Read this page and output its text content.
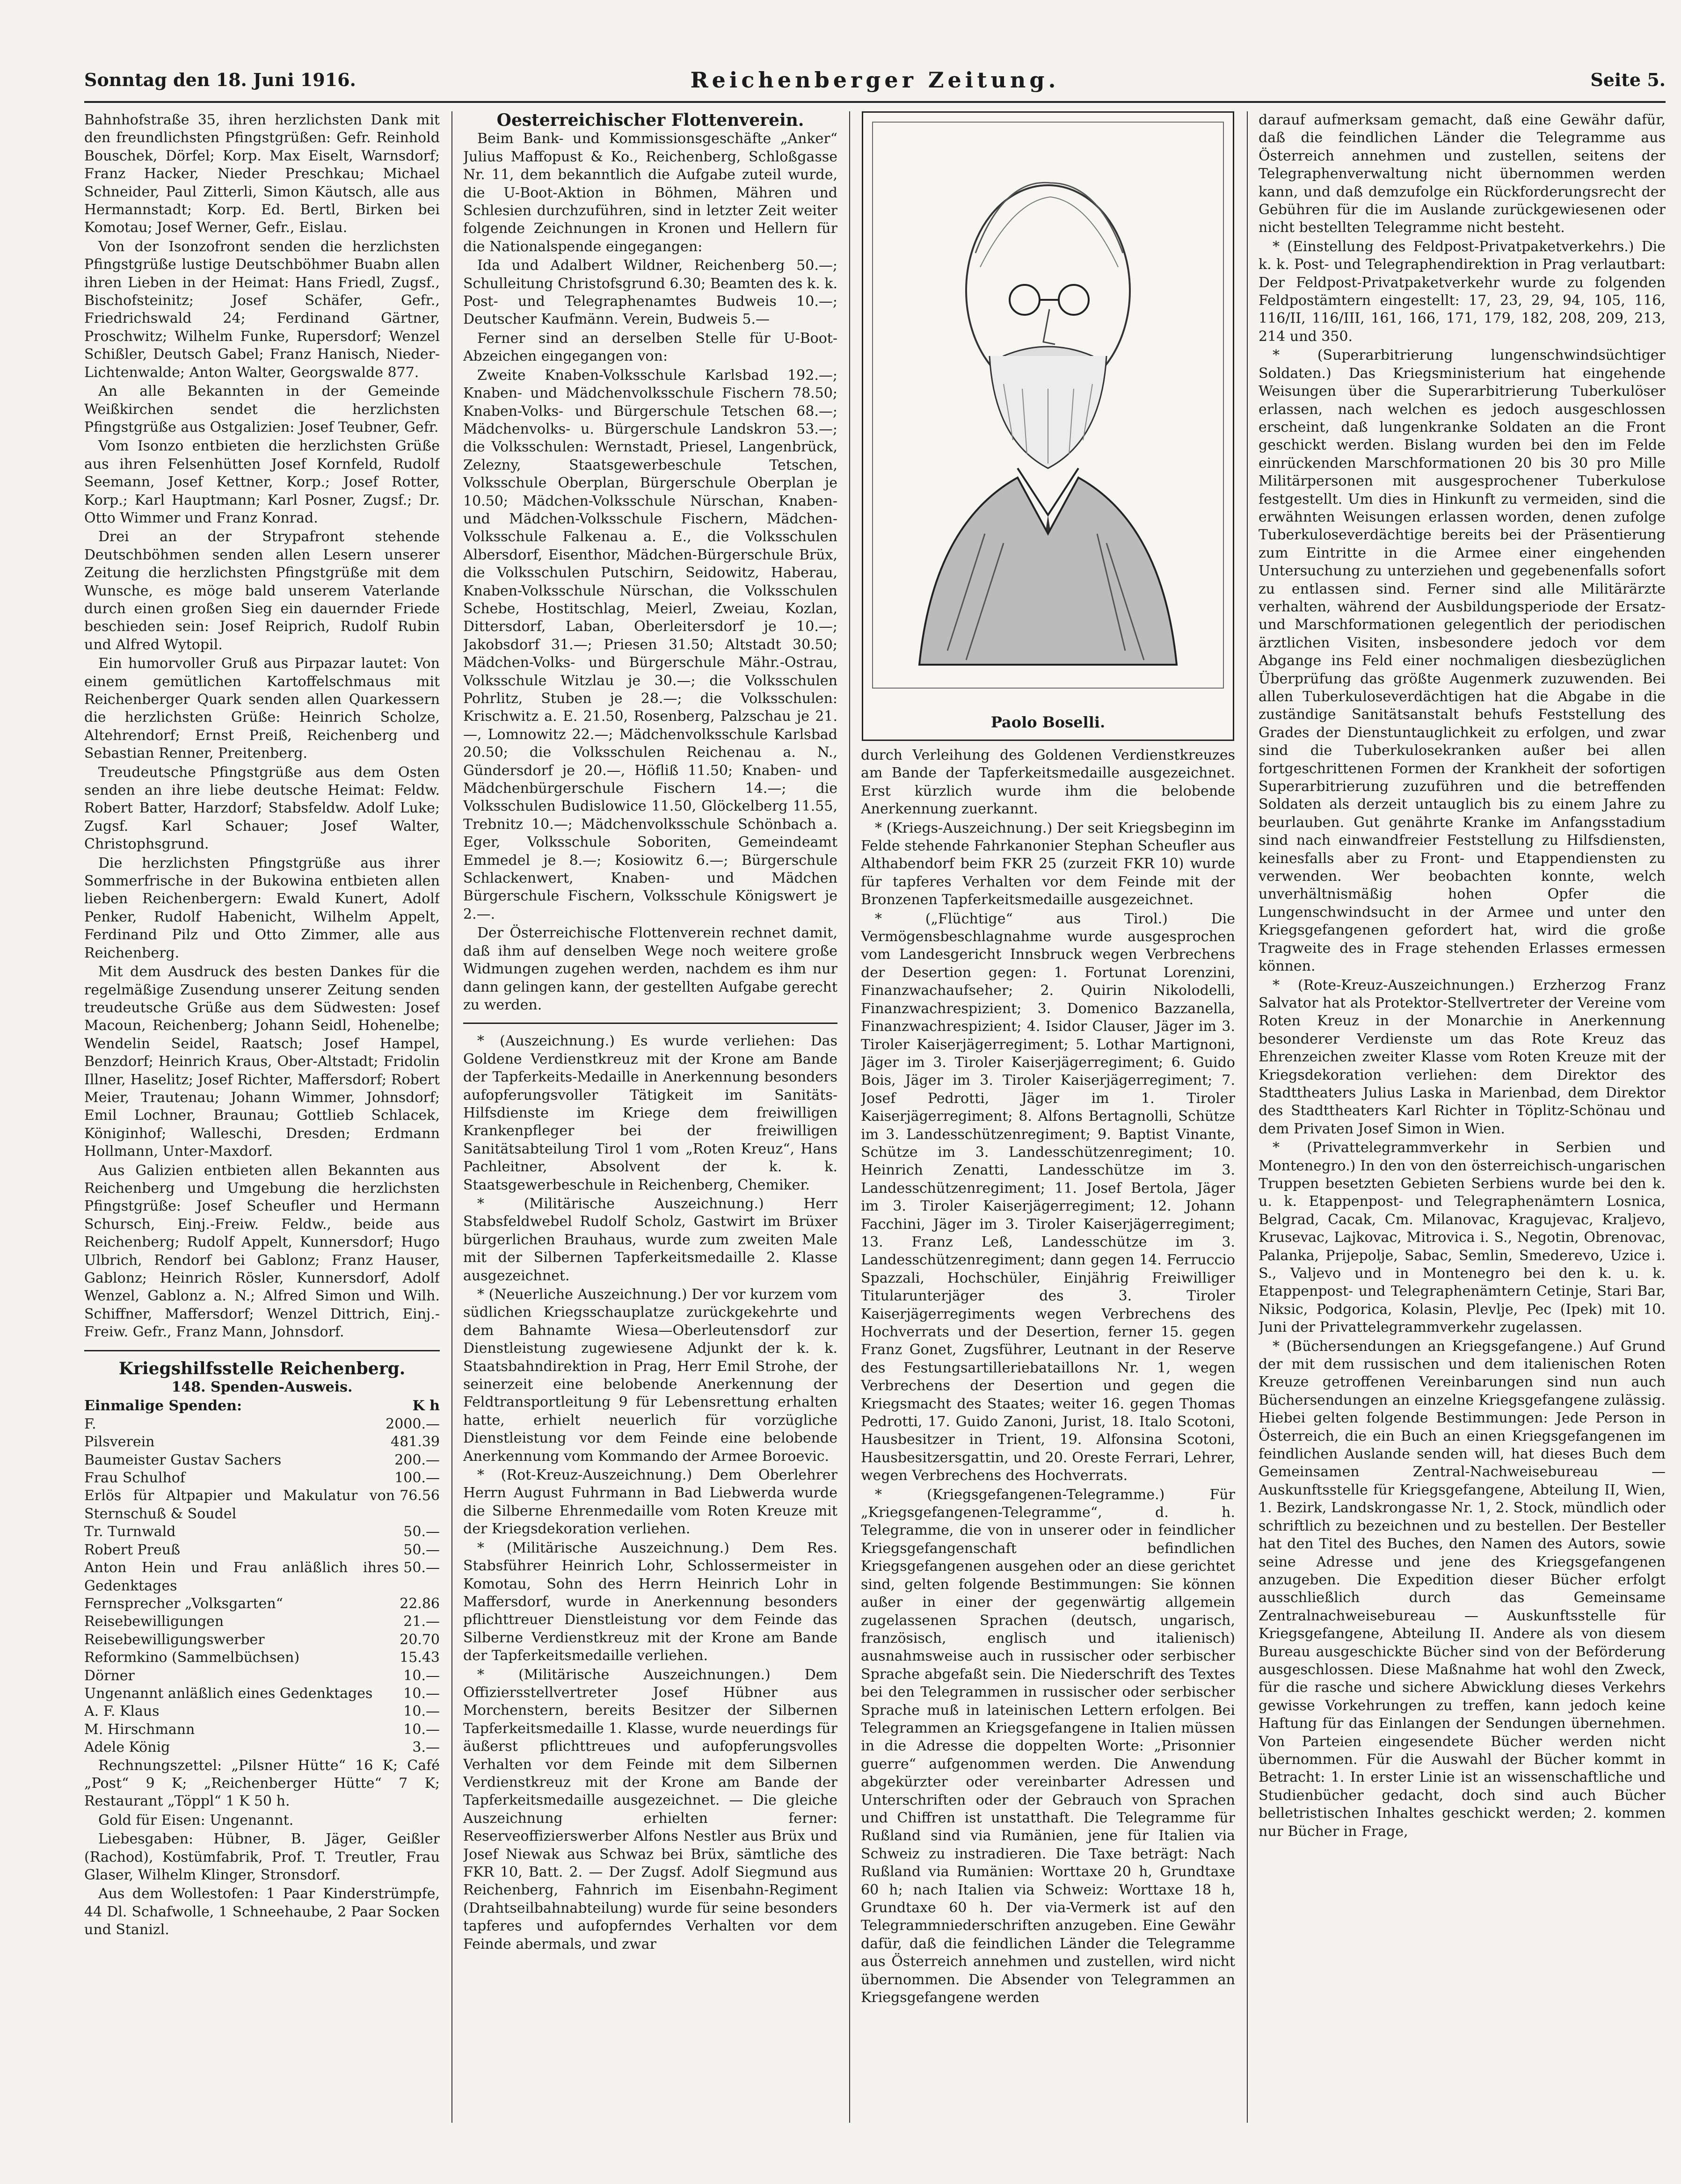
Sonntag den 18. Juni 1916.	Reichenberger Zeitung.	Seite 5.

Bahnhofstraße 35, ihren herzlichsten Dank mit den freundlichsten Pfingstgrüßen: Gefr. Reinhold Bouschek, Dörfel; Korp. Max Eiselt, Warnsdorf; Franz Hacker, Nieder Preschkau; Michael Schneider, Paul Zitterli, Simon Käutsch, alle aus Hermannstadt; Korp. Ed. Bertl, Birken bei Komotau; Josef Werner, Gefr., Eislau.

Von der Isonzofront senden die herzlichsten Pfingstgrüße lustige Deutschböhmer Buabn allen ihren Lieben in der Heimat: Hans Friedl, Zugsf., Bischofsteinitz; Josef Schäfer, Gefr., Friedrichswald 24; Ferdinand Gärtner, Proschwitz; Wilhelm Funke, Rupersdorf; Wenzel Schißler, Deutsch Gabel; Franz Hanisch, Nieder-Lichtenwalde; Anton Walter, Georgswalde 877.

An alle Bekannten in der Gemeinde Weißkirchen sendet die herzlichsten Pfingstgrüße aus Ostgalizien: Josef Teubner, Gefr.

Vom Isonzo entbieten die herzlichsten Grüße aus ihren Felsenhütten Josef Kornfeld, Rudolf Seemann, Josef Kettner, Korp.; Josef Rotter, Korp.; Karl Hauptmann; Karl Posner, Zugsf.; Dr. Otto Wimmer und Franz Konrad.

Drei an der Strypafront stehende Deutschböhmen senden allen Lesern unserer Zeitung die herzlichsten Pfingstgrüße mit dem Wunsche, es möge bald unserem Vaterlande durch einen großen Sieg ein dauernder Friede beschieden sein: Josef Reiprich, Rudolf Rubin und Alfred Wytopil.

Ein humorvoller Gruß aus Pirpazar lautet: Von einem gemütlichen Kartoffelschmaus mit Reichenberger Quark senden allen Quarkessern die herzlichsten Grüße: Heinrich Scholze, Altehrendorf; Ernst Preiß, Reichenberg und Sebastian Renner, Preitenberg.

Treudeutsche Pfingstgrüße aus dem Osten senden an ihre liebe deutsche Heimat: Feldw. Robert Batter, Harzdorf; Stabsfeldw. Adolf Luke; Zugsf. Karl Schauer; Josef Walter, Christophsgrund.

Die herzlichsten Pfingstgrüße aus ihrer Sommerfrische in der Bukowina entbieten allen lieben Reichenbergern: Ewald Kunert, Adolf Penker, Rudolf Habenicht, Wilhelm Appelt, Ferdinand Pilz und Otto Zimmer, alle aus Reichenberg.

Mit dem Ausdruck des besten Dankes für die regelmäßige Zusendung unserer Zeitung senden treudeutsche Grüße aus dem Südwesten: Josef Macoun, Reichenberg; Johann Seidl, Hohenelbe; Wendelin Seidel, Raatsch; Josef Hampel, Benzdorf; Heinrich Kraus, Ober-Altstadt; Fridolin Illner, Haselitz; Josef Richter, Maffersdorf; Robert Meier, Trautenau; Johann Wimmer, Johnsdorf; Emil Lochner, Braunau; Gottlieb Schlacek, Königinhof; Walleschi, Dresden; Erdmann Hollmann, Unter-Maxdorf.

Aus Galizien entbieten allen Bekannten aus Reichenberg und Umgebung die herzlichsten Pfingstgrüße: Josef Scheufler und Hermann Schursch, Einj.-Freiw. Feldw., beide aus Reichenberg; Rudolf Appelt, Kunnersdorf; Hugo Ulbrich, Rendorf bei Gablonz; Franz Hauser, Gablonz; Heinrich Rösler, Kunnersdorf, Adolf Wenzel, Gablonz a. N.; Alfred Simon und Wilh. Schiffner, Maffersdorf; Wenzel Dittrich, Einj.-Freiw. Gefr., Franz Mann, Johnsdorf.

Kriegshilfsstelle Reichenberg.

148. Spenden-Ausweis.

Einmalige Spenden:	K h
F.	2000.—
Pilsverein	481.39
Baumeister Gustav Sachers	200.—
Frau Schulhof	100.—
Erlös für Altpapier und Makulatur von Sternschuß & Soudel
76.56
Tr. Turnwald	50.—
Robert Preuß	50.—
Anton Hein und Frau anläßlich ihres Gedenktages
50.—
Fernsprecher „Volksgarten“	22.86
Reisebewilligungen	21.—
Reisebewilligungswerber	20.70
Reformkino (Sammelbüchsen)	15.43
Dörner	10.—
Ungenannt anläßlich eines Gedenktages	10.—
A. F. Klaus	10.—
M. Hirschmann	10.—
Adele König	3.—

Rechnungszettel: „Pilsner Hütte“ 16 K; Café „Post“ 9 K; „Reichenberger Hütte“ 7 K; Restaurant „Töppl“ 1 K 50 h.

Gold für Eisen: Ungenannt.

Liebesgaben: Hübner, B. Jäger, Geißler (Rachod), Kostümfabrik, Prof. T. Treutler, Frau Glaser, Wilhelm Klinger, Stronsdorf.

Aus dem Wollestofen: 1 Paar Kinderstrümpfe, 44 Dl. Schafwolle, 1 Schneehaube, 2 Paar Socken und Stanizl.

Oesterreichischer Flottenverein.

Beim Bank- und Kommissionsgeschäfte „Anker“ Julius Maffopust & Ko., Reichenberg, Schloßgasse Nr. 11, dem bekanntlich die Aufgabe zuteil wurde, die U-Boot-Aktion in Böhmen, Mähren und Schlesien durchzuführen, sind in letzter Zeit weiter folgende Zeichnungen in Kronen und Hellern für die Nationalspende eingegangen:

Ida und Adalbert Wildner, Reichenberg 50.—; Schulleitung Christofsgrund 6.30; Beamten des k. k. Post- und Telegraphenamtes Budweis 10.—; Deutscher Kaufmänn. Verein, Budweis 5.—

Ferner sind an derselben Stelle für U-Boot-Abzeichen eingegangen von:

Zweite Knaben-Volksschule Karlsbad 192.—; Knaben- und Mädchenvolksschule Fischern 78.50; Knaben-Volks- und Bürgerschule Tetschen 68.—; Mädchenvolks- u. Bürgerschule Landskron 53.—; die Volksschulen: Wernstadt, Priesel, Langenbrück, Zelezny, Staatsgewerbeschule Tetschen, Volksschule Oberplan, Bürgerschule Oberplan je 10.50; Mädchen-Volksschule Nürschan, Knaben- und Mädchen-Volksschule Fischern, Mädchen-Volksschule Falkenau a. E., die Volksschulen Albersdorf, Eisenthor, Mädchen-Bürgerschule Brüx, die Volksschulen Putschirn, Seidowitz, Haberau, Knaben-Volksschule Nürschan, die Volksschulen Schebe, Hostitschlag, Meierl, Zweiau, Kozlan, Dittersdorf, Laban, Oberleitersdorf je 10.—; Jakobsdorf 31.—; Priesen 31.50; Altstadt 30.50; Mädchen-Volks- und Bürgerschule Mähr.-Ostrau, Volksschule Witzlau je 30.—; die Volksschulen Pohrlitz, Stuben je 28.—; die Volksschulen: Krischwitz a. E. 21.50, Rosenberg, Palzschau je 21.—, Lomnowitz 22.—; Mädchenvolksschule Karlsbad 20.50; die Volksschulen Reichenau a. N., Gündersdorf je 20.—, Höfliß 11.50; Knaben- und Mädchenbürgerschule Fischern 14.—; die Volksschulen Budislowice 11.50, Glöckelberg 11.55, Trebnitz 10.—; Mädchenvolksschule Schönbach a. Eger, Volksschule Soboriten, Gemeindeamt Emmedel je 8.—; Kosiowitz 6.—; Bürgerschule Schlackenwert, Knaben- und Mädchen Bürgerschule Fischern, Volksschule Königswert je 2.—.

Der Österreichische Flottenverein rechnet damit, daß ihm auf denselben Wege noch weitere große Widmungen zugehen werden, nachdem es ihm nur dann gelingen kann, der gestellten Aufgabe gerecht zu werden.

* (Auszeichnung.) Es wurde verliehen: Das Goldene Verdienstkreuz mit der Krone am Bande der Tapferkeits-Medaille in Anerkennung besonders aufopferungsvoller Tätigkeit im Sanitäts-Hilfsdienste im Kriege dem freiwilligen Krankenpfleger bei der freiwilligen Sanitätsabteilung Tirol 1 vom „Roten Kreuz“, Hans Pachleitner, Absolvent der k. k. Staatsgewerbeschule in Reichenberg, Chemiker.

* (Militärische Auszeichnung.) Herr Stabsfeldwebel Rudolf Scholz, Gastwirt im Brüxer bürgerlichen Brauhaus, wurde zum zweiten Male mit der Silbernen Tapferkeitsmedaille 2. Klasse ausgezeichnet.

* (Neuerliche Auszeichnung.) Der vor kurzem vom südlichen Kriegsschauplatze zurückgekehrte und dem Bahnamte Wiesa—Oberleutensdorf zur Dienstleistung zugewiesene Adjunkt der k. k. Staatsbahndirektion in Prag, Herr Emil Strohe, der seinerzeit eine belobende Anerkennung der Feldtransportleitung 9 für Lebensrettung erhalten hatte, erhielt neuerlich für vorzügliche Dienstleistung vor dem Feinde eine belobende Anerkennung vom Kommando der Armee Boroevic.

* (Rot-Kreuz-Auszeichnung.) Dem Oberlehrer Herrn August Fuhrmann in Bad Liebwerda wurde die Silberne Ehrenmedaille vom Roten Kreuze mit der Kriegsdekoration verliehen.

* (Militärische Auszeichnung.) Dem Res. Stabsführer Heinrich Lohr, Schlossermeister in Komotau, Sohn des Herrn Heinrich Lohr in Maffersdorf, wurde in Anerkennung besonders pflichttreuer Dienstleistung vor dem Feinde das Silberne Verdienstkreuz mit der Krone am Bande der Tapferkeitsmedaille verliehen.

* (Militärische Auszeichnungen.) Dem Offiziersstellvertreter Josef Hübner aus Morchenstern, bereits Besitzer der Silbernen Tapferkeitsmedaille 1. Klasse, wurde neuerdings für äußerst pflichttreues und aufopferungsvolles Verhalten vor dem Feinde mit dem Silbernen Verdienstkreuz mit der Krone am Bande der Tapferkeitsmedaille ausgezeichnet. — Die gleiche Auszeichnung erhielten ferner: Reserveoffizierswerber Alfons Nestler aus Brüx und Josef Niewak aus Schwaz bei Brüx, sämtliche des FKR 10, Batt. 2. — Der Zugsf. Adolf Siegmund aus Reichenberg, Fahnrich im Eisenbahn-Regiment (Drahtseilbahnabteilung) wurde für seine besonders tapferes und aufopferndes Verhalten vor dem Feinde abermals, und zwar

Paolo Boselli.

durch Verleihung des Goldenen Verdienstkreuzes am Bande der Tapferkeitsmedaille ausgezeichnet. Erst kürzlich wurde ihm die belobende Anerkennung zuerkannt.

* (Kriegs-Auszeichnung.) Der seit Kriegsbeginn im Felde stehende Fahrkanonier Stephan Scheufler aus Althabendorf beim FKR 25 (zurzeit FKR 10) wurde für tapferes Verhalten vor dem Feinde mit der Bronzenen Tapferkeitsmedaille ausgezeichnet.

* („Flüchtige“ aus Tirol.) Die Vermögensbeschlagnahme wurde ausgesprochen vom Landesgericht Innsbruck wegen Verbrechens der Desertion gegen: 1. Fortunat Lorenzini, Finanzwachaufseher; 2. Quirin Nikolodelli, Finanzwachrespizient; 3. Domenico Bazzanella, Finanzwachrespizient; 4. Isidor Clauser, Jäger im 3. Tiroler Kaiserjägerregiment; 5. Lothar Martignoni, Jäger im 3. Tiroler Kaiserjägerregiment; 6. Guido Bois, Jäger im 3. Tiroler Kaiserjägerregiment; 7. Josef Pedrotti, Jäger im 1. Tiroler Kaiserjägerregiment; 8. Alfons Bertagnolli, Schütze im 3. Landesschützenregiment; 9. Baptist Vinante, Schütze im 3. Landesschützenregiment; 10. Heinrich Zenatti, Landesschütze im 3. Landesschützenregiment; 11. Josef Bertola, Jäger im 3. Tiroler Kaiserjägerregiment; 12. Johann Facchini, Jäger im 3. Tiroler Kaiserjägerregiment; 13. Franz Leß, Landesschütze im 3. Landesschützenregiment; dann gegen 14. Ferruccio Spazzali, Hochschüler, Einjährig Freiwilliger Titularunterjäger des 3. Tiroler Kaiserjägerregiments wegen Verbrechens des Hochverrats und der Desertion, ferner 15. gegen Franz Gonet, Zugsführer, Leutnant in der Reserve des Festungsartilleriebataillons Nr. 1, wegen Verbrechens der Desertion und gegen die Kriegsmacht des Staates; weiter 16. gegen Thomas Pedrotti, 17. Guido Zanoni, Jurist, 18. Italo Scotoni, Hausbesitzer in Trient, 19. Alfonsina Scotoni, Hausbesitzersgattin, und 20. Oreste Ferrari, Lehrer, wegen Verbrechens des Hochverrats.

* (Kriegsgefangenen-Telegramme.) Für „Kriegsgefangenen-Telegramme“, d. h. Telegramme, die von in unserer oder in feindlicher Kriegsgefangenschaft befindlichen Kriegsgefangenen ausgehen oder an diese gerichtet sind, gelten folgende Bestimmungen: Sie können außer in einer der gegenwärtig allgemein zugelassenen Sprachen (deutsch, ungarisch, französisch, englisch und italienisch) ausnahmsweise auch in russischer oder serbischer Sprache abgefaßt sein. Die Niederschrift des Textes bei den Telegrammen in russischer oder serbischer Sprache muß in lateinischen Lettern erfolgen. Bei Telegrammen an Kriegsgefangene in Italien müssen in die Adresse die doppelten Worte: „Prisonnier guerre“ aufgenommen werden. Die Anwendung abgekürzter oder vereinbarter Adressen und Unterschriften oder der Gebrauch von Sprachen und Chiffren ist unstatthaft. Die Telegramme für Rußland sind via Rumänien, jene für Italien via Schweiz zu instradieren. Die Taxe beträgt: Nach Rußland via Rumänien: Worttaxe 20 h, Grundtaxe 60 h; nach Italien via Schweiz: Worttaxe 18 h, Grundtaxe 60 h. Der via-Vermerk ist auf den Telegrammniederschriften anzugeben. Eine Gewähr dafür, daß die feindlichen Länder die Telegramme aus Österreich annehmen und zustellen, wird nicht übernommen. Die Absender von Telegrammen an Kriegsgefangene werden

darauf aufmerksam gemacht, daß eine Gewähr dafür, daß die feindlichen Länder die Telegramme aus Österreich annehmen und zustellen, seitens der Telegraphenverwaltung nicht übernommen werden kann, und daß demzufolge ein Rückforderungsrecht der Gebühren für die im Auslande zurückgewiesenen oder nicht bestellten Telegramme nicht besteht.

* (Einstellung des Feldpost-Privatpaketverkehrs.) Die k. k. Post- und Telegraphendirektion in Prag verlautbart: Der Feldpost-Privatpaketverkehr wurde zu folgenden Feldpostämtern eingestellt: 17, 23, 29, 94, 105, 116, 116/II, 116/III, 161, 166, 171, 179, 182, 208, 209, 213, 214 und 350.

* (Superarbitrierung lungenschwindsüchtiger Soldaten.) Das Kriegsministerium hat eingehende Weisungen über die Superarbitrierung Tuberkulöser erlassen, nach welchen es jedoch ausgeschlossen erscheint, daß lungenkranke Soldaten an die Front geschickt werden. Bislang wurden bei den im Felde einrückenden Marschformationen 20 bis 30 pro Mille Militärpersonen mit ausgesprochener Tuberkulose festgestellt. Um dies in Hinkunft zu vermeiden, sind die erwähnten Weisungen erlassen worden, denen zufolge Tuberkuloseverdächtige bereits bei der Präsentierung zum Eintritte in die Armee einer eingehenden Untersuchung zu unterziehen und gegebenenfalls sofort zu entlassen sind. Ferner sind alle Militärärzte verhalten, während der Ausbildungsperiode der Ersatz- und Marschformationen gelegentlich der periodischen ärztlichen Visiten, insbesondere jedoch vor dem Abgange ins Feld einer nochmaligen diesbezüglichen Überprüfung das größte Augenmerk zuzuwenden. Bei allen Tuberkuloseverdächtigen hat die Abgabe in die zuständige Sanitätsanstalt behufs Feststellung des Grades der Dienstuntauglichkeit zu erfolgen, und zwar sind die Tuberkulosekranken außer bei allen fortgeschrittenen Formen der Krankheit der sofortigen Superarbitrierung zuzuführen und die betreffenden Soldaten als derzeit untauglich bis zu einem Jahre zu beurlauben. Gut genährte Kranke im Anfangsstadium sind nach einwandfreier Feststellung zu Hilfsdiensten, keinesfalls aber zu Front- und Etappendiensten zu verwenden. Wer beobachten konnte, welch unverhältnismäßig hohen Opfer die Lungenschwindsucht in der Armee und unter den Kriegsgefangenen gefordert hat, wird die große Tragweite des in Frage stehenden Erlasses ermessen können.

* (Rote-Kreuz-Auszeichnungen.) Erzherzog Franz Salvator hat als Protektor-Stellvertreter der Vereine vom Roten Kreuz in der Monarchie in Anerkennung besonderer Verdienste um das Rote Kreuz das Ehrenzeichen zweiter Klasse vom Roten Kreuze mit der Kriegsdekoration verliehen: dem Direktor des Stadttheaters Julius Laska in Marienbad, dem Direktor des Stadttheaters Karl Richter in Töplitz-Schönau und dem Privaten Josef Simon in Wien.

* (Privattelegrammverkehr in Serbien und Montenegro.) In den von den österreichisch-ungarischen Truppen besetzten Gebieten Serbiens wurde bei den k. u. k. Etappenpost- und Telegraphenämtern Losnica, Belgrad, Cacak, Cm. Milanovac, Kragujevac, Kraljevo, Krusevac, Lajkovac, Mitrovica i. S., Negotin, Obrenovac, Palanka, Prijepolje, Sabac, Semlin, Smederevo, Uzice i. S., Valjevo und in Montenegro bei den k. u. k. Etappenpost- und Telegraphenämtern Cetinje, Stari Bar, Niksic, Podgorica, Kolasin, Plevlje, Pec (Ipek) mit 10. Juni der Privattelegrammverkehr zugelassen.

* (Büchersendungen an Kriegsgefangene.) Auf Grund der mit dem russischen und dem italienischen Roten Kreuze getroffenen Vereinbarungen sind nun auch Büchersendungen an einzelne Kriegsgefangene zulässig. Hiebei gelten folgende Bestimmungen: Jede Person in Österreich, die ein Buch an einen Kriegsgefangenen im feindlichen Auslande senden will, hat dieses Buch dem Gemeinsamen Zentral-Nachweisebureau — Auskunftsstelle für Kriegsgefangene, Abteilung II, Wien, 1. Bezirk, Landskrongasse Nr. 1, 2. Stock, mündlich oder schriftlich zu bezeichnen und zu bestellen. Der Besteller hat den Titel des Buches, den Namen des Autors, sowie seine Adresse und jene des Kriegsgefangenen anzugeben. Die Expedition dieser Bücher erfolgt ausschließlich durch das Gemeinsame Zentralnachweisebureau — Auskunftsstelle für Kriegsgefangene, Abteilung II. Andere als von diesem Bureau ausgeschickte Bücher sind von der Beförderung ausgeschlossen. Diese Maßnahme hat wohl den Zweck, für die rasche und sichere Abwicklung dieses Verkehrs gewisse Vorkehrungen zu treffen, kann jedoch keine Haftung für das Einlangen der Sendungen übernehmen. Von Parteien eingesendete Bücher werden nicht übernommen. Für die Auswahl der Bücher kommt in Betracht: 1. In erster Linie ist an wissenschaftliche und Studienbücher gedacht, doch sind auch Bücher belletristischen Inhaltes geschickt werden; 2. kommen nur Bücher in Frage,
